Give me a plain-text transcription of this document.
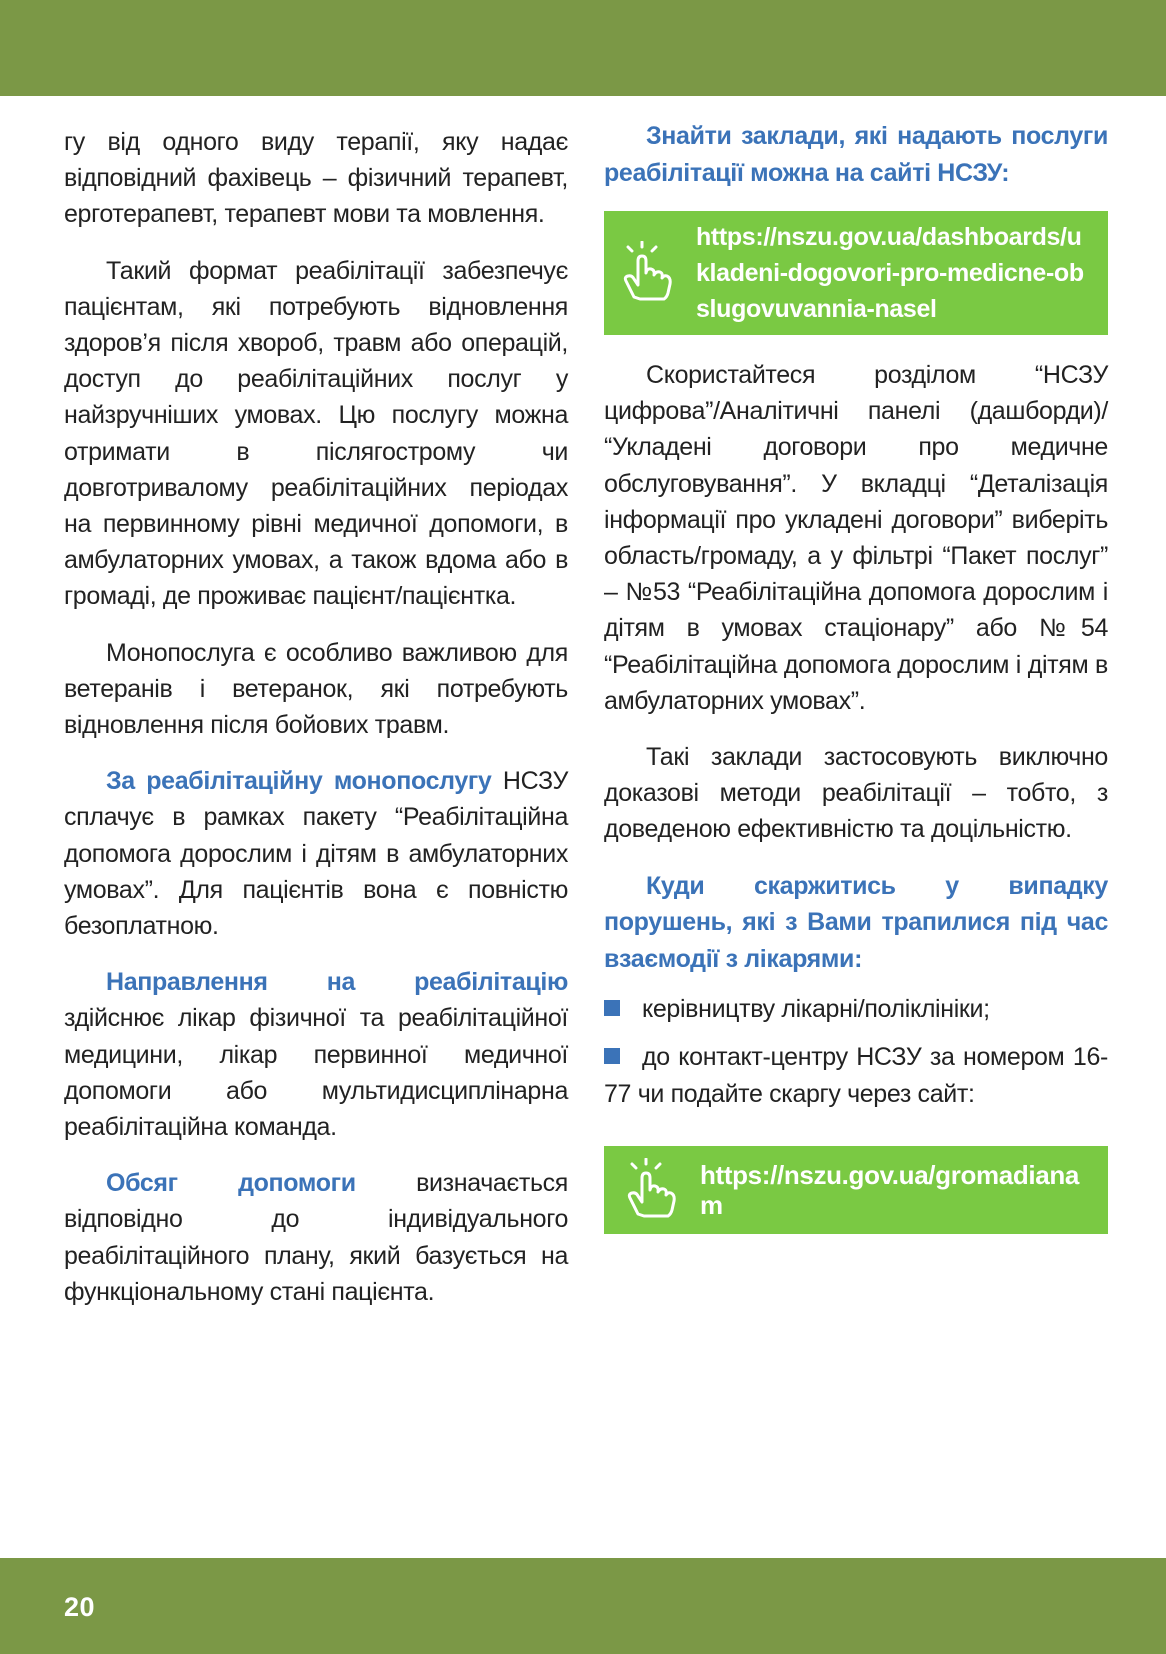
гу від одного виду терапії, яку надає відповідний фахівець – фізичний терапевт, ерготерапевт, терапевт мови та мовлення.

Такий формат реабілітації забезпечує пацієнтам, які потребують відновлення здоров’я після хвороб, травм або операцій, доступ до реабілітаційних послуг у найзручніших умовах. Цю послугу можна отримати в післягострому чи довготривалому реабілітаційних періодах на первинному рівні медичної допомоги, в амбулаторних умовах, а також вдома або в громаді, де проживає пацієнт/пацієнтка.

Монопослуга є особливо важливою для ветеранів і ветеранок, які потребують відновлення після бойових травм.

За реабілітаційну монопослугу НСЗУ сплачує в рамках пакету “Реабілітаційна допомога дорослим і дітям в амбулаторних умовах”. Для пацієнтів вона є повністю безоплатною.

Направлення на реабілітацію здійснює лікар фізичної та реабілітаційної медицини, лікар первинної медичної допомоги або мультидисциплінарна реабілітаційна команда.

Обсяг допомоги визначається відповідно до індивідуального реабілітаційного плану, який базується на функціональному стані пацієнта.

Знайти заклади, які надають послуги реабілітації можна на сайті НСЗУ:

https://nszu.gov.ua/dashboards/ukladeni-dogovori-pro-medicne-obslugovuvannia-nasel

Скористайтеся розділом “НСЗУ цифрова”/Аналітичні панелі (дашборди)/ “Укладені договори про медичне обслуговування”. У вкладці “Деталізація інформації про укладені договори” виберіть область/громаду, а у фільтрі “Пакет послуг” – №53 “Реабілітаційна допомога дорослим і дітям в умовах стаціонару” або №54 “Реабілітаційна допомога дорослим і дітям в амбулаторних умовах”.

Такі заклади застосовують виключно доказові методи реабілітації – тобто, з доведеною ефективністю та доцільністю.

Куди скаржитись у випадку порушень, які з Вами трапилися під час взаємодії з лікарями:

керівництву лікарні/поліклініки;

до контакт-центру НСЗУ за номером 16-77 чи подайте скаргу через сайт:

https://nszu.gov.ua/gromadianam
20
